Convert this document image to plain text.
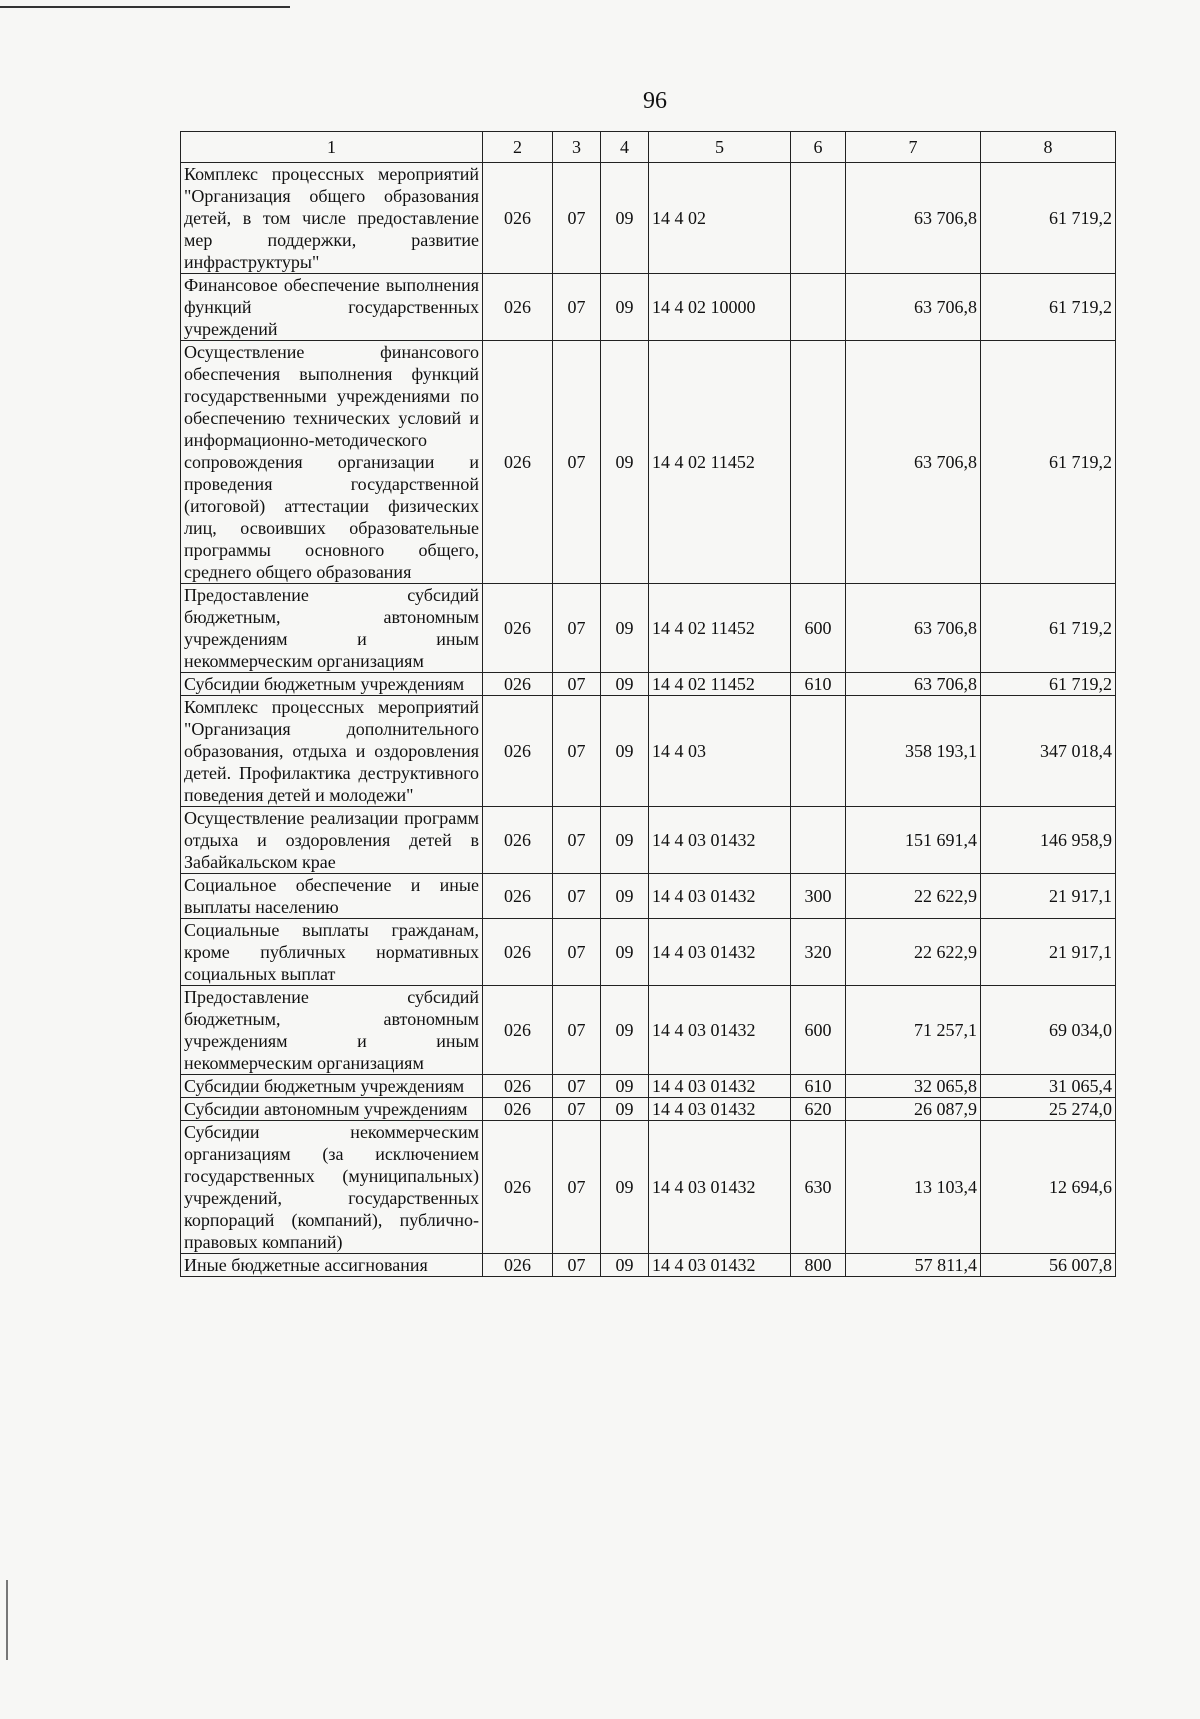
96
1	2	3	4	5	6	7	8
Комплекс процессных мероприятий "Организация общего образования детей, в том числе предоставление мер поддержки, развитие инфраструктуры"	026	07	09	14 4 02		63 706,8	61 719,2
Финансовое обеспечение выполнения функций государственных учреждений	026	07	09	14 4 02 10000		63 706,8	61 719,2
Осуществление финансового обеспечения выполнения функций государственными учреждениями по обеспечению технических условий и информационно-методического сопровождения организации и проведения государственной (итоговой) аттестации физических лиц, освоивших образовательные программы основного общего, среднего общего образования	026	07	09	14 4 02 11452		63 706,8	61 719,2
Предоставление субсидий бюджетным, автономным учреждениям и иным некоммерческим организациям	026	07	09	14 4 02 11452	600	63 706,8	61 719,2
Субсидии бюджетным учреждениям	026	07	09	14 4 02 11452	610	63 706,8	61 719,2
Комплекс процессных мероприятий "Организация дополнительного образования, отдыха и оздоровления детей. Профилактика деструктивного поведения детей и молодежи"	026	07	09	14 4 03		358 193,1	347 018,4
Осуществление реализации программ отдыха и оздоровления детей в Забайкальском крае	026	07	09	14 4 03 01432		151 691,4	146 958,9
Социальное обеспечение и иные выплаты населению	026	07	09	14 4 03 01432	300	22 622,9	21 917,1
Социальные выплаты гражданам, кроме публичных нормативных социальных выплат	026	07	09	14 4 03 01432	320	22 622,9	21 917,1
Предоставление субсидий бюджетным, автономным учреждениям и иным некоммерческим организациям	026	07	09	14 4 03 01432	600	71 257,1	69 034,0
Субсидии бюджетным учреждениям	026	07	09	14 4 03 01432	610	32 065,8	31 065,4
Субсидии автономным учреждениям	026	07	09	14 4 03 01432	620	26 087,9	25 274,0
Субсидии некоммерческим организациям (за исключением государственных (муниципальных) учреждений, государственных корпораций (компаний), публично-правовых компаний)	026	07	09	14 4 03 01432	630	13 103,4	12 694,6
Иные бюджетные ассигнования	026	07	09	14 4 03 01432	800	57 811,4	56 007,8
